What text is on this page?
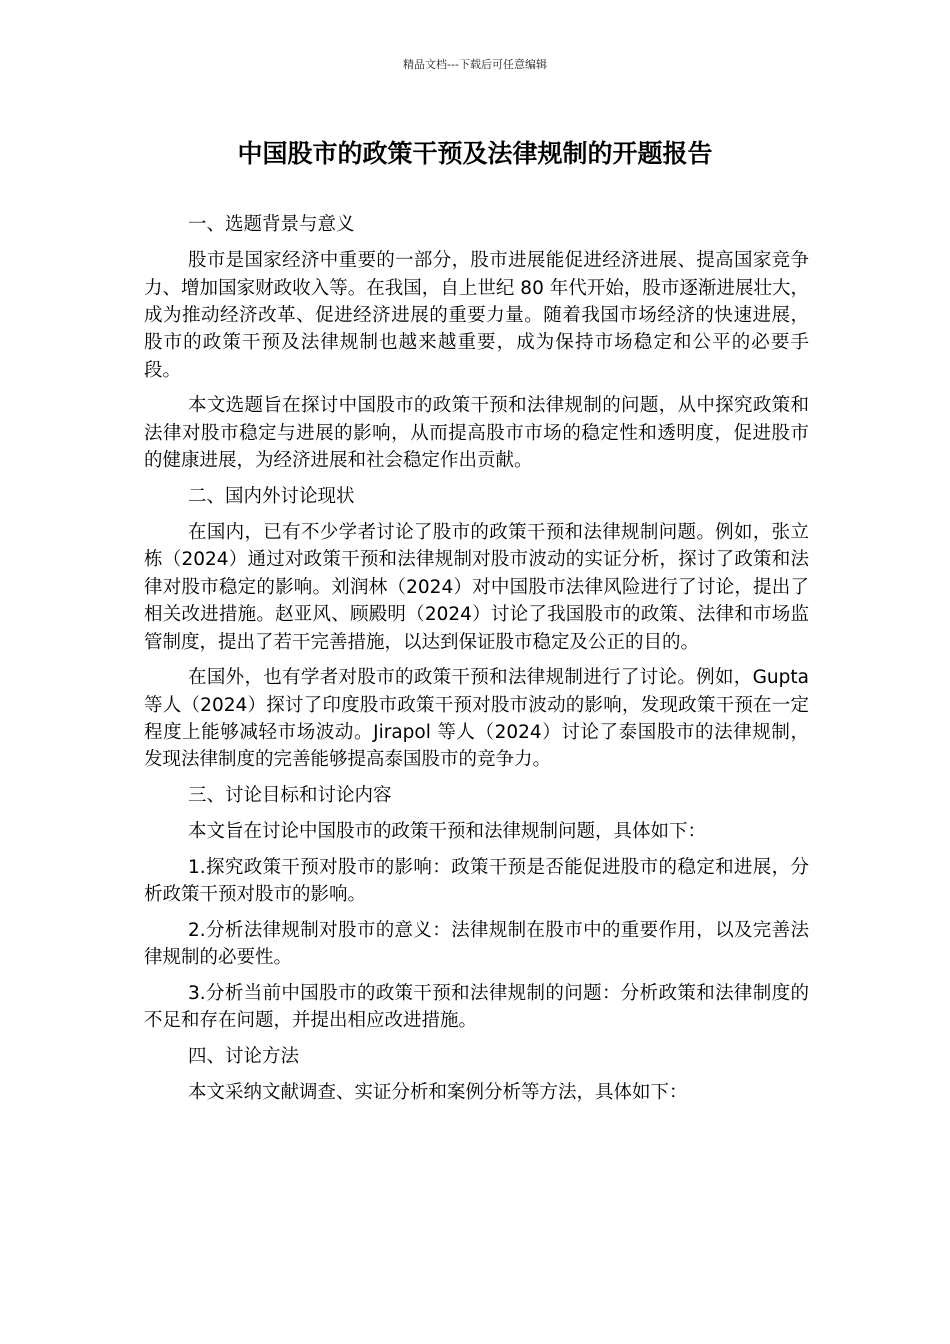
精品文档---下载后可任意编辑
中国股市的政策干预及法律规制的开题报告

一、选题背景与意义

股市是国家经济中重要的一部分，股市进展能促进经济进展、提高国家竞争力、增加国家财政收入等。在我国，自上世纪 80 年代开始，股市逐渐进展壮大，成为推动经济改革、促进经济进展的重要力量。随着我国市场经济的快速进展，股市的政策干预及法律规制也越来越重要，成为保持市场稳定和公平的必要手段。

本文选题旨在探讨中国股市的政策干预和法律规制的问题，从中探究政策和法律对股市稳定与进展的影响，从而提高股市市场的稳定性和透明度，促进股市的健康进展，为经济进展和社会稳定作出贡献。

二、国内外讨论现状

在国内，已有不少学者讨论了股市的政策干预和法律规制问题。例如，张立栋（2024）通过对政策干预和法律规制对股市波动的实证分析，探讨了政策和法律对股市稳定的影响。刘润林（2024）对中国股市法律风险进行了讨论，提出了相关改进措施。赵亚风、顾殿明（2024）讨论了我国股市的政策、法律和市场监管制度，提出了若干完善措施，以达到保证股市稳定及公正的目的。

在国外，也有学者对股市的政策干预和法律规制进行了讨论。例如，Gupta 等人（2024）探讨了印度股市政策干预对股市波动的影响，发现政策干预在一定程度上能够减轻市场波动。Jirapol 等人（2024）讨论了泰国股市的法律规制，发现法律制度的完善能够提高泰国股市的竞争力。

三、讨论目标和讨论内容

本文旨在讨论中国股市的政策干预和法律规制问题，具体如下：

1.探究政策干预对股市的影响：政策干预是否能促进股市的稳定和进展，分析政策干预对股市的影响。

2.分析法律规制对股市的意义：法律规制在股市中的重要作用，以及完善法律规制的必要性。

3.分析当前中国股市的政策干预和法律规制的问题：分析政策和法律制度的不足和存在问题，并提出相应改进措施。

四、讨论方法

本文采纳文献调查、实证分析和案例分析等方法，具体如下：
